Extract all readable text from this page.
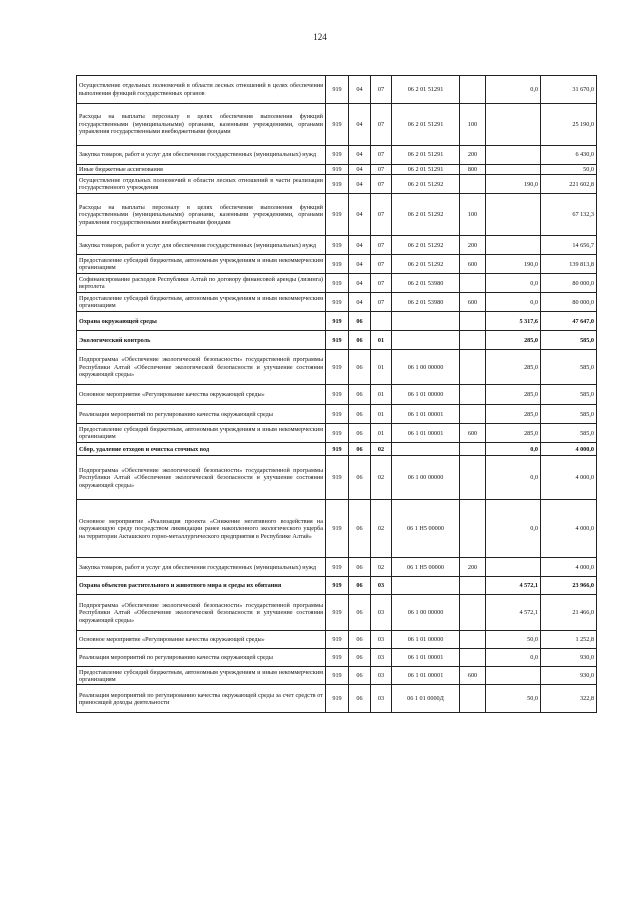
124
Осуществление отдельных полномочий в области лесных отношений в целях обеспечения выполнения функций государственных органов	919	04	07	06 2 01 51291		0,0	31 670,0
Расходы на выплаты персоналу в целях обеспечения выполнения функций государственными (муниципальными) органами, казенными учреждениями, органами управления государственными внебюджетными фондами	919	04	07	06 2 01 51291	100		25 190,0
Закупка товаров, работ и услуг для обеспечения государственных (муниципальных) нужд	919	04	07	06 2 01 51291	200		6 430,0
Иные бюджетные ассигнования	919	04	07	06 2 01 51291	800		50,0
Осуществление отдельных полномочий в области лесных отношений в части реализации государственного учреждения	919	04	07	06 2 01 51292		190,0	221 602,8
Расходы на выплаты персоналу в целях обеспечения выполнения функций государственными (муниципальными) органами, казенными учреждениями, органами управления государственными внебюджетными фондами	919	04	07	06 2 01 51292	100		67 132,3
Закупка товаров, работ и услуг для обеспечения государственных (муниципальных) нужд	919	04	07	06 2 01 51292	200		14 656,7
Предоставление субсидий бюджетным, автономным учреждениям и иным некоммерческим организациям	919	04	07	06 2 01 51292	600	190,0	139 813,8
Софинансирование расходов Республики Алтай по договору финансовой аренды (лизинга) вертолета	919	04	07	06 2 01 53980		0,0	80 000,0
Предоставление субсидий бюджетным, автономным учреждениям и иным некоммерческим организациям	919	04	07	06 2 01 53980	600	0,0	80 000,0
Охрана окружающей среды	919	06				5 317,6	47 647,0
Экологический контроль	919	06	01			285,0	585,0
Подпрограмма «Обеспечение экологической безопасности» государственной программы Республики Алтай «Обеспечение экологической безопасности и улучшение состояния окружающей среды»	919	06	01	06 1 00 00000		285,0	585,0
Основное мероприятие «Регулирование качества окружающей среды»	919	06	01	06 1 01 00000		285,0	585,0
Реализация мероприятий по регулированию качества окружающей среды	919	06	01	06 1 01 00001		285,0	585,0
Предоставление субсидий бюджетным, автономным учреждениям и иным некоммерческим организациям	919	06	01	06 1 01 00001	600	285,0	585,0
Сбор, удаление отходов и очистка сточных вод	919	06	02			0,0	4 000,0
Подпрограмма «Обеспечение экологической безопасности» государственной программы Республики Алтай «Обеспечение экологической безопасности и улучшение состояния окружающей среды»	919	06	02	06 1 00 00000		0,0	4 000,0
Основное мероприятие «Реализация проекта «Снижение негативного воздействия на окружающую среду посредством ликвидации ранее накопленного экологического ущерба на территории Акташского горно-металлургического предприятия в Республике Алтай»	919	06	02	06 1 Н5 00000		0,0	4 000,0
Закупка товаров, работ и услуг для обеспечения государственных (муниципальных) нужд	919	06	02	06 1 Н5 00000	200		4 000,0
Охрана объектов растительного и животного мира и среды их обитания	919	06	03			4 572,1	23 966,0
Подпрограмма «Обеспечение экологической безопасности» государственной программы Республики Алтай «Обеспечение экологической безопасности и улучшение состояния окружающей среды»	919	06	03	06 1 00 00000		4 572,1	21 466,0
Основное мероприятие «Регулирование качества окружающей среды»	919	06	03	06 1 01 00000		50,0	1 252,8
Реализация мероприятий по регулированию качества окружающей среды	919	06	03	06 1 01 00001		0,0	930,0
Предоставление субсидий бюджетным, автономным учреждениям и иным некоммерческим организациям	919	06	03	06 1 01 00001	600		930,0
Реализация мероприятий по регулированию качества окружающей среды за счет средств от приносящей доходы деятельности	919	06	03	06 1 01 0000Д		50,0	322,8
